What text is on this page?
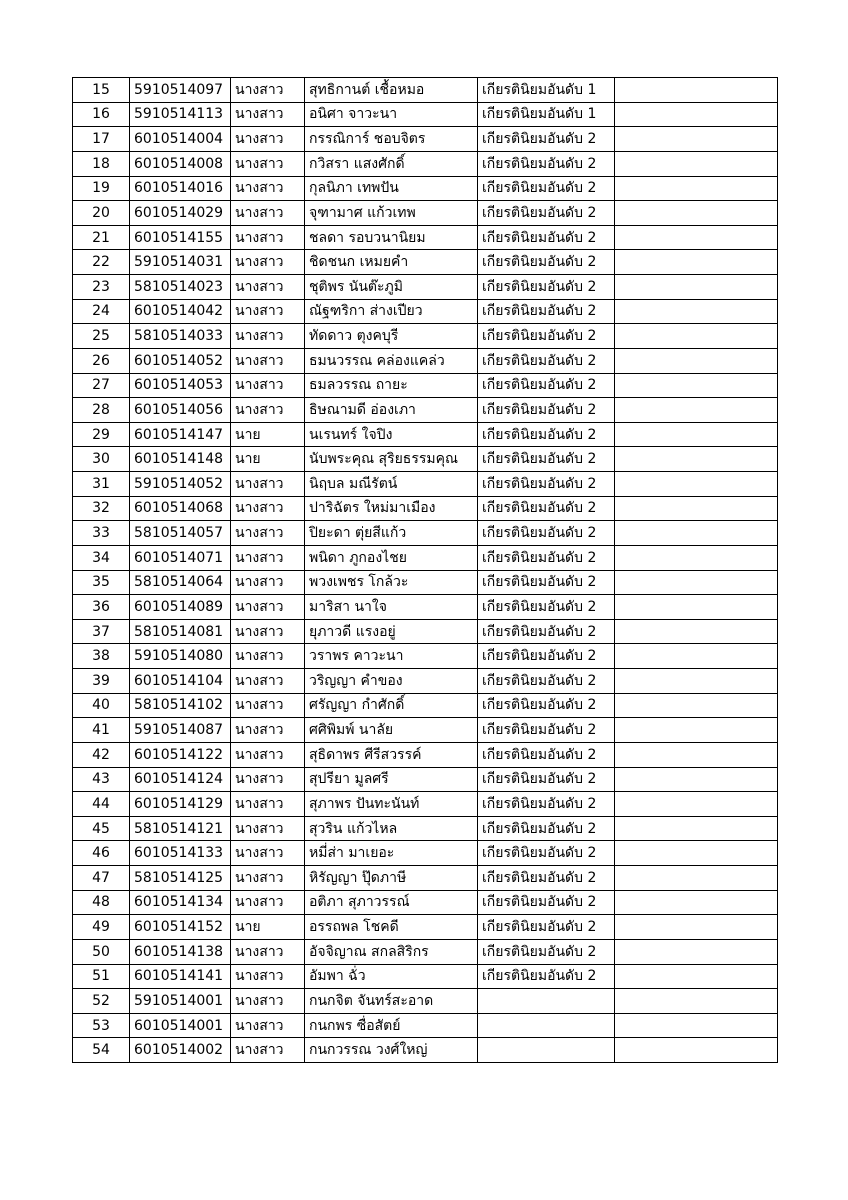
15	5910514097	นางสาว	สุทธิกานต์ เชื้อหมอ	เกียรตินิยมอันดับ 1	
16	5910514113	นางสาว	อนิศา จาวะนา	เกียรตินิยมอันดับ 1	
17	6010514004	นางสาว	กรรณิการ์ ชอบจิตร	เกียรตินิยมอันดับ 2	
18	6010514008	นางสาว	กวิสรา แสงศักดิ์	เกียรตินิยมอันดับ 2	
19	6010514016	นางสาว	กุลนิภา เทพปัน	เกียรตินิยมอันดับ 2	
20	6010514029	นางสาว	จุฑามาศ แก้วเทพ	เกียรตินิยมอันดับ 2	
21	6010514155	นางสาว	ชลดา รอบวนานิยม	เกียรตินิยมอันดับ 2	
22	5910514031	นางสาว	ชิดชนก เหมยคำ	เกียรตินิยมอันดับ 2	
23	5810514023	นางสาว	ชุติพร นันต๊ะภูมิ	เกียรตินิยมอันดับ 2	
24	6010514042	นางสาว	ณัฐฑริกา ส่างเปียว	เกียรตินิยมอันดับ 2	
25	5810514033	นางสาว	ทัดดาว ตุงคบุรี	เกียรตินิยมอันดับ 2	
26	6010514052	นางสาว	ธมนวรรณ คล่องแคล่ว	เกียรตินิยมอันดับ 2	
27	6010514053	นางสาว	ธมลวรรณ ถายะ	เกียรตินิยมอันดับ 2	
28	6010514056	นางสาว	ธิษณามดี อ่องเภา	เกียรตินิยมอันดับ 2	
29	6010514147	นาย	นเรนทร์ ใจปิง	เกียรตินิยมอันดับ 2	
30	6010514148	นาย	นับพระคุณ สุริยธรรมคุณ	เกียรตินิยมอันดับ 2	
31	5910514052	นางสาว	นิฤบล มณีรัตน์	เกียรตินิยมอันดับ 2	
32	6010514068	นางสาว	ปาริฉัตร ใหม่มาเมือง	เกียรตินิยมอันดับ 2	
33	5810514057	นางสาว	ปิยะดา ตุ่ยสีแก้ว	เกียรตินิยมอันดับ 2	
34	6010514071	นางสาว	พนิดา ภูกองไชย	เกียรตินิยมอันดับ 2	
35	5810514064	นางสาว	พวงเพชร โกล้วะ	เกียรตินิยมอันดับ 2	
36	6010514089	นางสาว	มาริสา นาใจ	เกียรตินิยมอันดับ 2	
37	5810514081	นางสาว	ยุภาวดี แรงอยู่	เกียรตินิยมอันดับ 2	
38	5910514080	นางสาว	วราพร คาวะนา	เกียรตินิยมอันดับ 2	
39	6010514104	นางสาว	วริญญา คำของ	เกียรตินิยมอันดับ 2	
40	5810514102	นางสาว	ศรัญญา กำศักดิ์	เกียรตินิยมอันดับ 2	
41	5910514087	นางสาว	ศศิพิมพ์ นาลัย	เกียรตินิยมอันดับ 2	
42	6010514122	นางสาว	สุธิดาพร ศีรีสวรรค์	เกียรตินิยมอันดับ 2	
43	6010514124	นางสาว	สุปรียา มูลศรี	เกียรตินิยมอันดับ 2	
44	6010514129	นางสาว	สุภาพร ปันทะนันท์	เกียรตินิยมอันดับ 2	
45	5810514121	นางสาว	สุวริน แก้วไหล	เกียรตินิยมอันดับ 2	
46	6010514133	นางสาว	หมี่ส่า มาเยอะ	เกียรตินิยมอันดับ 2	
47	5810514125	นางสาว	หิรัญญา ปุ๊ดภาษี	เกียรตินิยมอันดับ 2	
48	6010514134	นางสาว	อติภา สุภาวรรณ์	เกียรตินิยมอันดับ 2	
49	6010514152	นาย	อรรถพล โชคดี	เกียรตินิยมอันดับ 2	
50	6010514138	นางสาว	อัจจิญาณ สกลสิริกร	เกียรตินิยมอันดับ 2	
51	6010514141	นางสาว	อัมพา ฉั่ว	เกียรตินิยมอันดับ 2	
52	5910514001	นางสาว	กนกจิต จันทร์สะอาด		
53	6010514001	นางสาว	กนกพร ซื่อสัตย์		
54	6010514002	นางสาว	กนกวรรณ วงศ์ใหญ่		
